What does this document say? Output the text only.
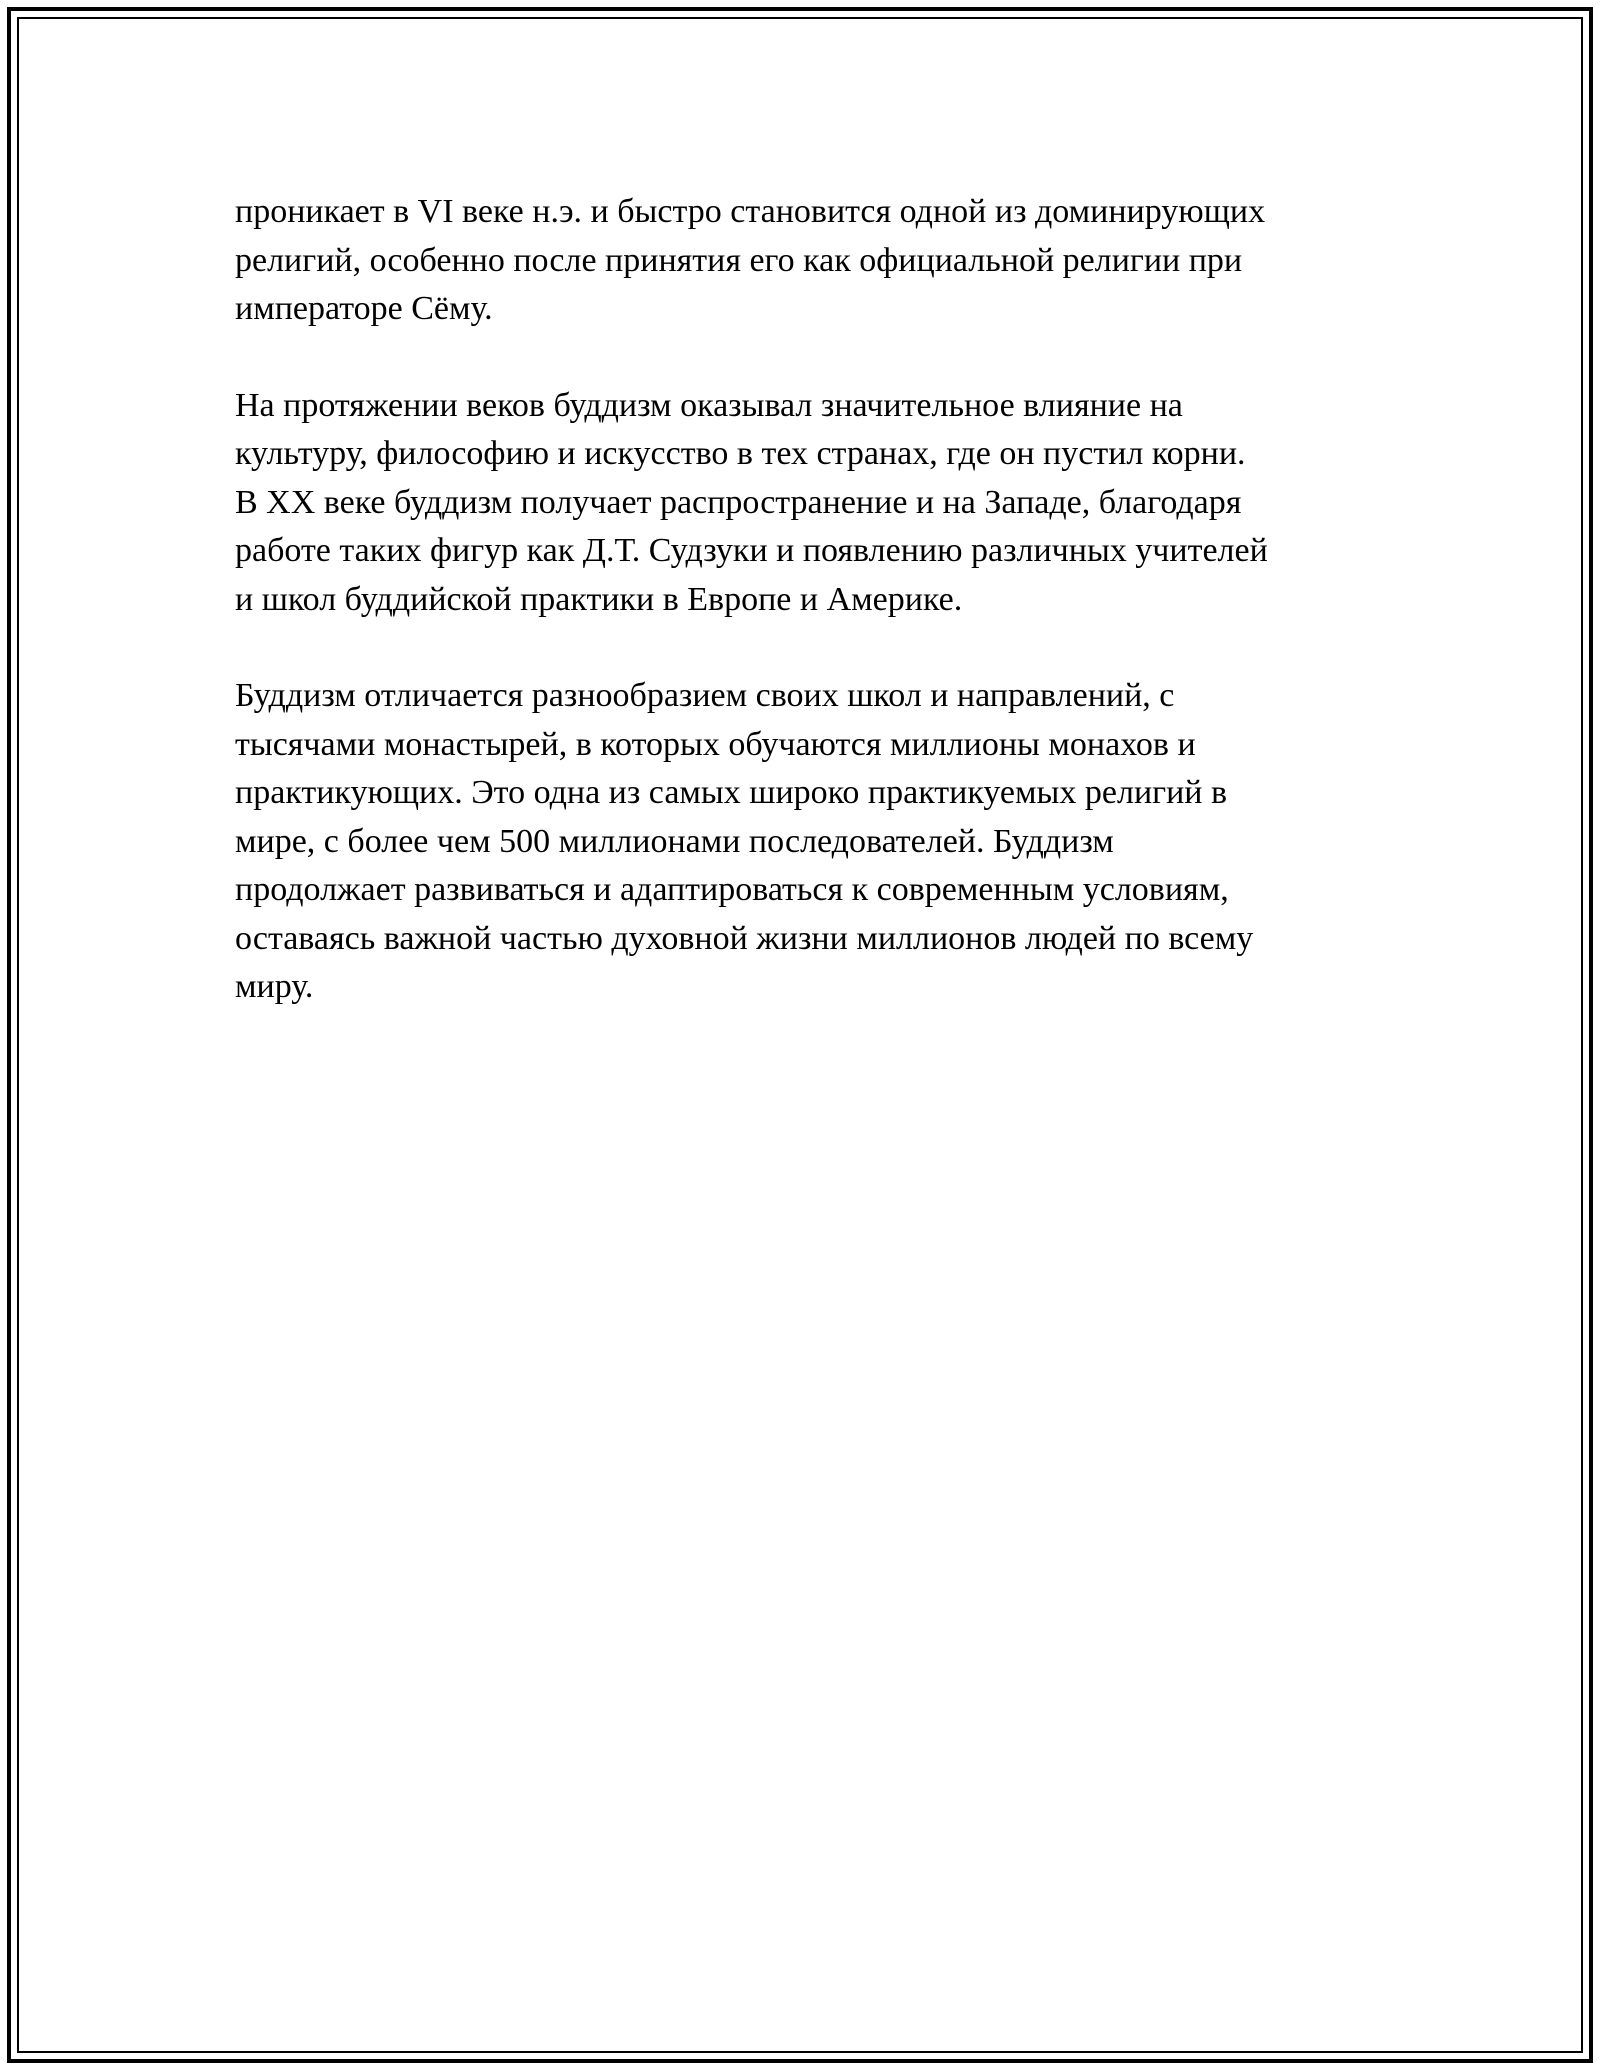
проникает в VI веке н.э. и быстро становится одной из доминирующих
религий, особенно после принятия его как официальной религии при
императоре Сёму.

На протяжении веков буддизм оказывал значительное влияние на
культуру, философию и искусство в тех странах, где он пустил корни.
В XX веке буддизм получает распространение и на Западе, благодаря
работе таких фигур как Д.Т. Судзуки и появлению различных учителей
и школ буддийской практики в Европе и Америке.

Буддизм отличается разнообразием своих школ и направлений, с
тысячами монастырей, в которых обучаются миллионы монахов и
практикующих. Это одна из самых широко практикуемых религий в
мире, с более чем 500 миллионами последователей. Буддизм
продолжает развиваться и адаптироваться к современным условиям,
оставаясь важной частью духовной жизни миллионов людей по всему
миру.
